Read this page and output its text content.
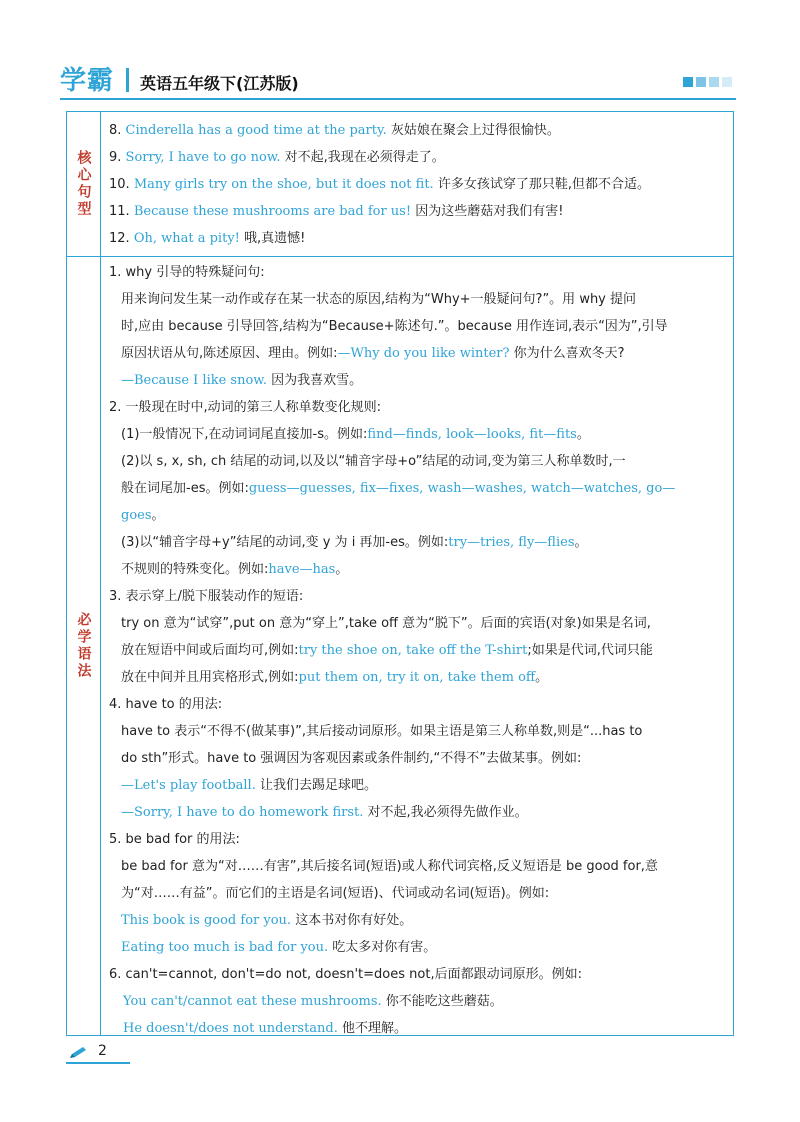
学霸 英语五年级下(江苏版)
核心句型
8. Cinderella has a good time at the party. 灰姑娘在聚会上过得很愉快。
9. Sorry, I have to go now. 对不起,我现在必须得走了。
10. Many girls try on the shoe, but it does not fit. 许多女孩试穿了那只鞋,但都不合适。
11. Because these mushrooms are bad for us! 因为这些蘑菇对我们有害!
12. Oh, what a pity! 哦,真遗憾!
必学语法
1. why 引导的特殊疑问句:
用来询问发生某一动作或存在某一状态的原因,结构为“Why+一般疑问句?”。用 why 提问
时,应由 because 引导回答,结构为“Because+陈述句.”。because 用作连词,表示“因为”,引导
原因状语从句,陈述原因、理由。例如:—Why do you like winter? 你为什么喜欢冬天?
—Because I like snow. 因为我喜欢雪。
2. 一般现在时中,动词的第三人称单数变化规则:
(1)一般情况下,在动词词尾直接加-s。例如:find—finds, look—looks, fit—fits。
(2)以 s, x, sh, ch 结尾的动词,以及以“辅音字母+o”结尾的动词,变为第三人称单数时,一
般在词尾加-es。例如:guess—guesses, fix—fixes, wash—washes, watch—watches, go—
goes。
(3)以“辅音字母+y”结尾的动词,变 y 为 i 再加-es。例如:try—tries, fly—flies。
不规则的特殊变化。例如:have—has。
3. 表示穿上/脱下服装动作的短语:
try on 意为“试穿”,put on 意为“穿上”,take off 意为“脱下”。后面的宾语(对象)如果是名词,
放在短语中间或后面均可,例如:try the shoe on, take off the T-shirt;如果是代词,代词只能
放在中间并且用宾格形式,例如:put them on, try it on, take them off。
4. have to 的用法:
have to 表示“不得不(做某事)”,其后接动词原形。如果主语是第三人称单数,则是“...has to
do sth”形式。have to 强调因为客观因素或条件制约,“不得不”去做某事。例如:
—Let's play football. 让我们去踢足球吧。
—Sorry, I have to do homework first. 对不起,我必须得先做作业。
5. be bad for 的用法:
be bad for 意为“对……有害”,其后接名词(短语)或人称代词宾格,反义短语是 be good for,意
为“对……有益”。而它们的主语是名词(短语)、代词或动名词(短语)。例如:
This book is good for you. 这本书对你有好处。
Eating too much is bad for you. 吃太多对你有害。
6. can't=cannot, don't=do not, doesn't=does not,后面都跟动词原形。例如:
You can't/cannot eat these mushrooms. 你不能吃这些蘑菇。
He doesn't/does not understand. 他不理解。
2
